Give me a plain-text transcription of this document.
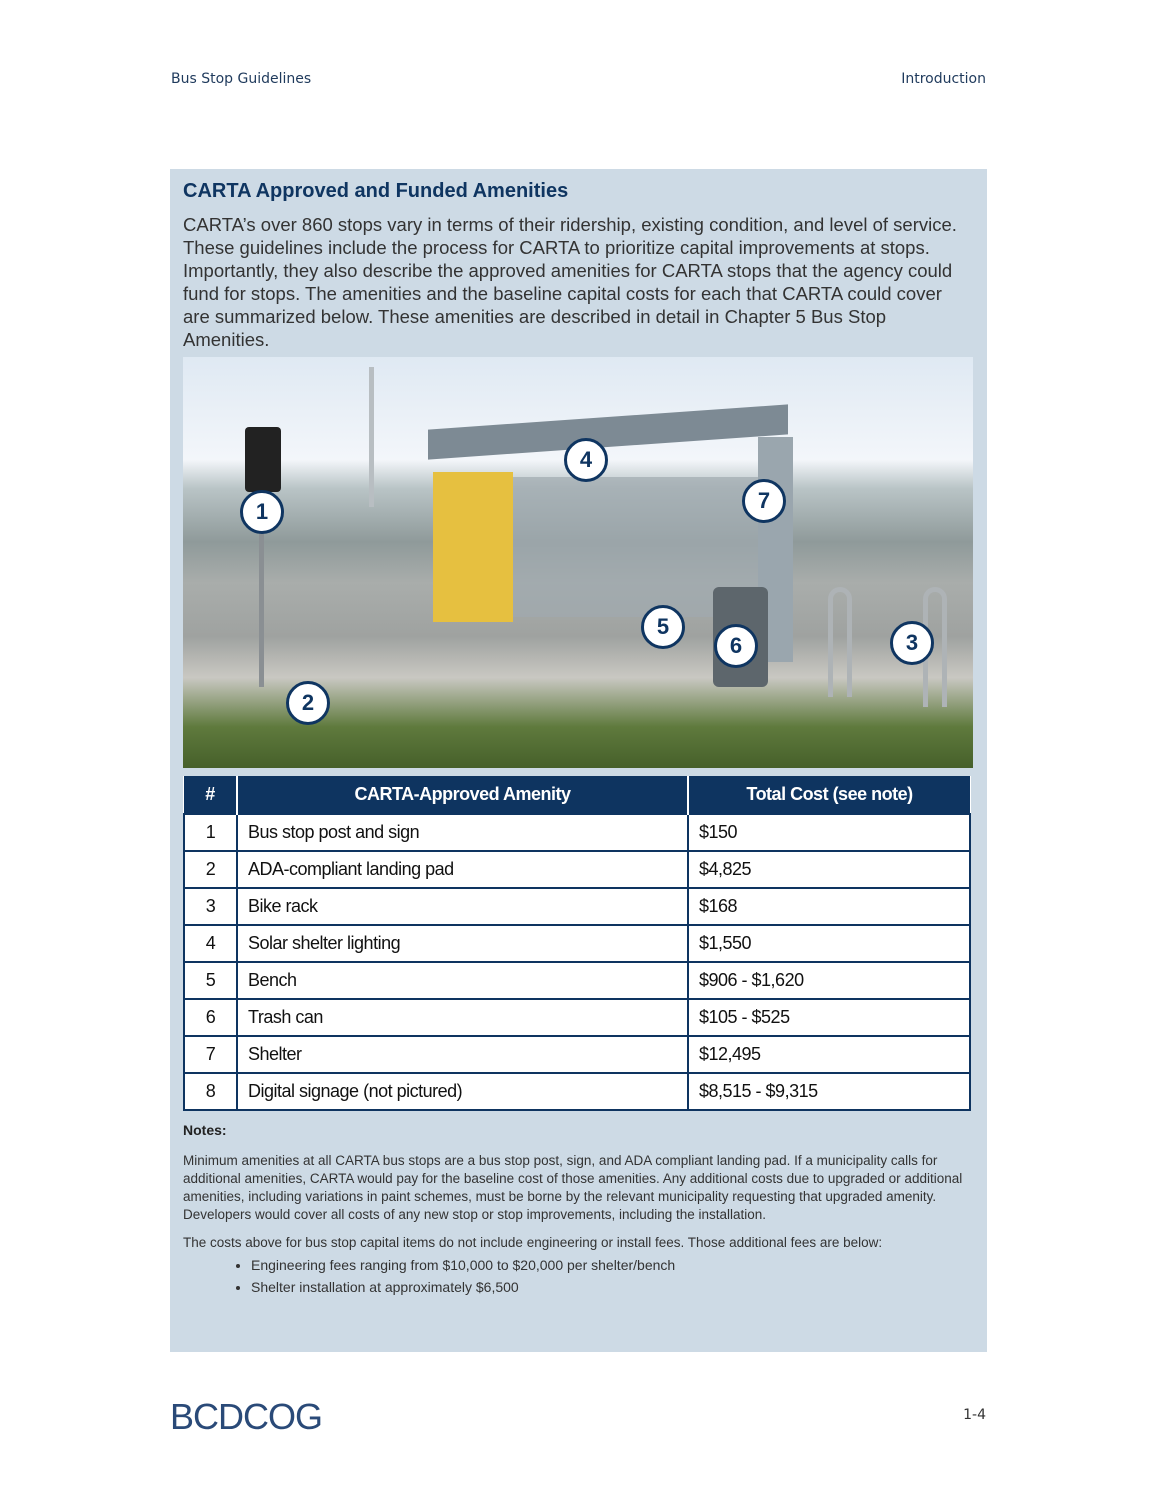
Bus Stop Guidelines	Introduction
CARTA Approved and Funded Amenities
CARTA’s over 860 stops vary in terms of their ridership, existing condition, and level of service. These guidelines include the process for CARTA to prioritize capital improvements at stops. Importantly, they also describe the approved amenities for CARTA stops that the agency could fund for stops. The amenities and the baseline capital costs for each that CARTA could cover are summarized below. These amenities are described in detail in Chapter 5 Bus Stop Amenities.
1
2
3
4
5
6
7
#	CARTA-Approved Amenity	Total Cost (see note)
1	Bus stop post and sign	$150
2	ADA-compliant landing pad	$4,825
3	Bike rack	$168
4	Solar shelter lighting	$1,550
5	Bench	$906 - $1,620
6	Trash can	$105 - $525
7	Shelter	$12,495
8	Digital signage (not pictured)	$8,515 - $9,315
Notes:

Minimum amenities at all CARTA bus stops are a bus stop post, sign, and ADA compliant landing pad. If a municipality calls for additional amenities, CARTA would pay for the baseline cost of those amenities. Any additional costs due to upgraded or additional amenities, including variations in paint schemes, must be borne by the relevant municipality requesting that upgraded amenity. Developers would cover all costs of any new stop or stop improvements, including the installation.

The costs above for bus stop capital items do not include engineering or install fees. Those additional fees are below:

• Engineering fees ranging from $10,000 to $20,000 per shelter/bench
• Shelter installation at approximately $6,500
BCDCOG	1-4
